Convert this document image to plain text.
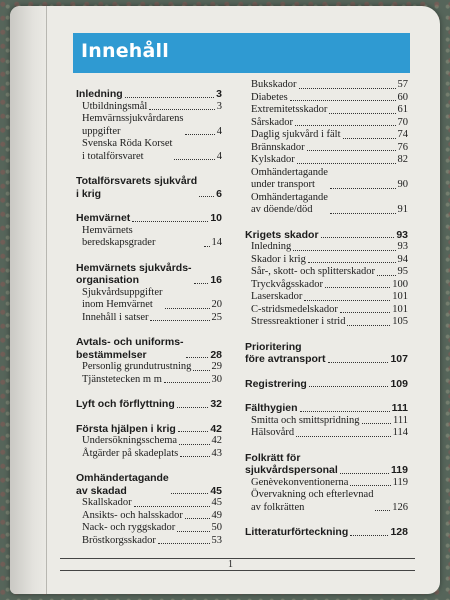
Innehåll
Inledning	3
Utbildningsmål	3
Hemvärnssjukvårdarens
uppgifter	4
Svenska Röda Korset
i totalförsvaret	4
Totalförsvarets sjukvård
i krig	6
Hemvärnet	10
Hemvärnets beredskapsgrader	14
Hemvärnets sjukvårds-
organisation	16
Sjukvårdsuppgifter
inom Hemvärnet	20
Innehåll i satser	25
Avtals- och uniforms-
bestämmelser	28
Personlig grundutrustning 29
Tjänstetecken m m	30
Lyft och förflyttning	32
Första hjälpen i krig	42
Undersökningsschema	42
Åtgärder på skadeplats	43
Omhändertagande
av skadad	45
Skallskador	45
Ansikts- och halsskador	49
Nack- och ryggskador	50
Bröstkorgsskador	53
Bukskador	57
Diabetes	60
Extremitetsskador	61
Sårskador	70
Daglig sjukvård i fält	74
Brännskador	76
Kylskador	82
Omhändertagande
under transport	90
Omhändertagande
av döende/död	91
Krigets skador	93
Inledning	93
Skador i krig	94
Sår-, skott- och splitterskador 95
Tryckvågsskador	100
Laserskador	101
C-stridsmedelskador	101
Stressreaktioner i strid	105
Prioritering
före avtransport	107
Registrering	109
Fälthygien	111
Smitta och smittspridning	111
Hälsovård	114
Folkrätt för
sjukvårdspersonal	119
Genèvekonventionerna	119
Övervakning och efterlevnad
av folkrätten	126
Litteraturförteckning	128
1
